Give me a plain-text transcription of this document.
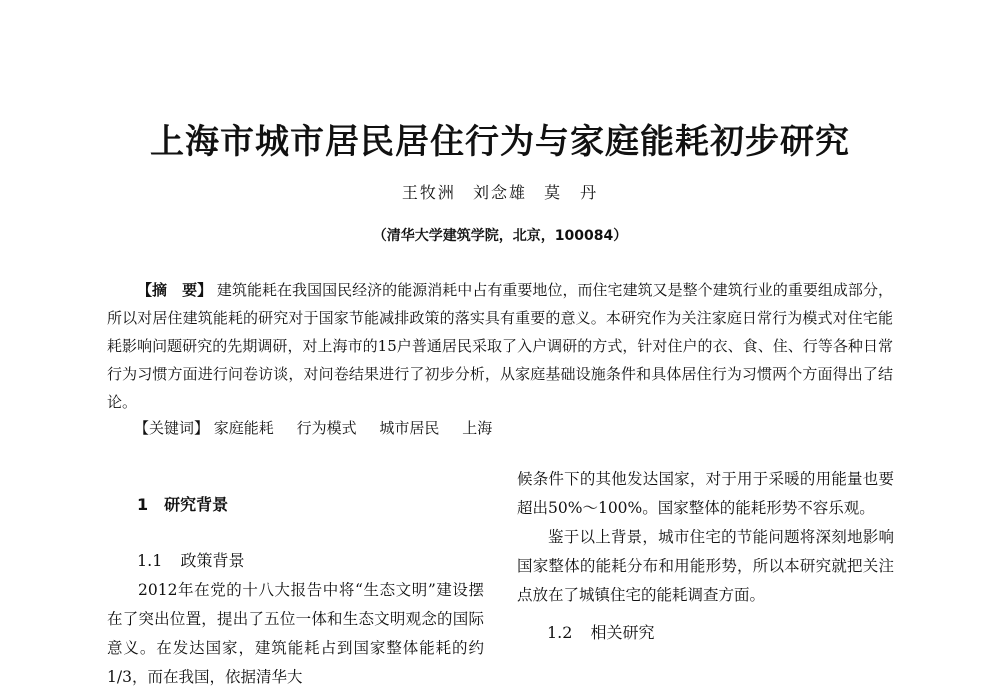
上海市城市居民居住行为与家庭能耗初步研究
王牧洲 刘念雄 莫　丹
（清华大学建筑学院，北京，100084）

【摘　要】 建筑能耗在我国国民经济的能源消耗中占有重要地位，而住宅建筑又是整个建筑行业的重要组成部分，所以对居住建筑能耗的研究对于国家节能减排政策的落实具有重要的意义。本研究作为关注家庭日常行为模式对住宅能耗影响问题研究的先期调研，对上海市的15户普通居民采取了入户调研的方式，针对住户的衣、食、住、行等各种日常行为习惯方面进行问卷访谈，对问卷结果进行了初步分析，从家庭基础设施条件和具体居住行为习惯两个方面得出了结论。

【关键词】 家庭能耗 行为模式 城市居民 上海
1 研究背景
1.1 政策背景

2012年在党的十八大报告中将“生态文明”建设摆在了突出位置，提出了五位一体和生态文明观念的国际意义。在发达国家，建筑能耗占到国家整体能耗的约1/3，而在我国，依据清华大

候条件下的其他发达国家，对于用于采暖的用能量也要超出50%～100%。国家整体的能耗形势不容乐观。

鉴于以上背景，城市住宅的节能问题将深刻地影响国家整体的能耗分布和用能形势，所以本研究就把关注点放在了城镇住宅的能耗调查方面。

1.2 相关研究
